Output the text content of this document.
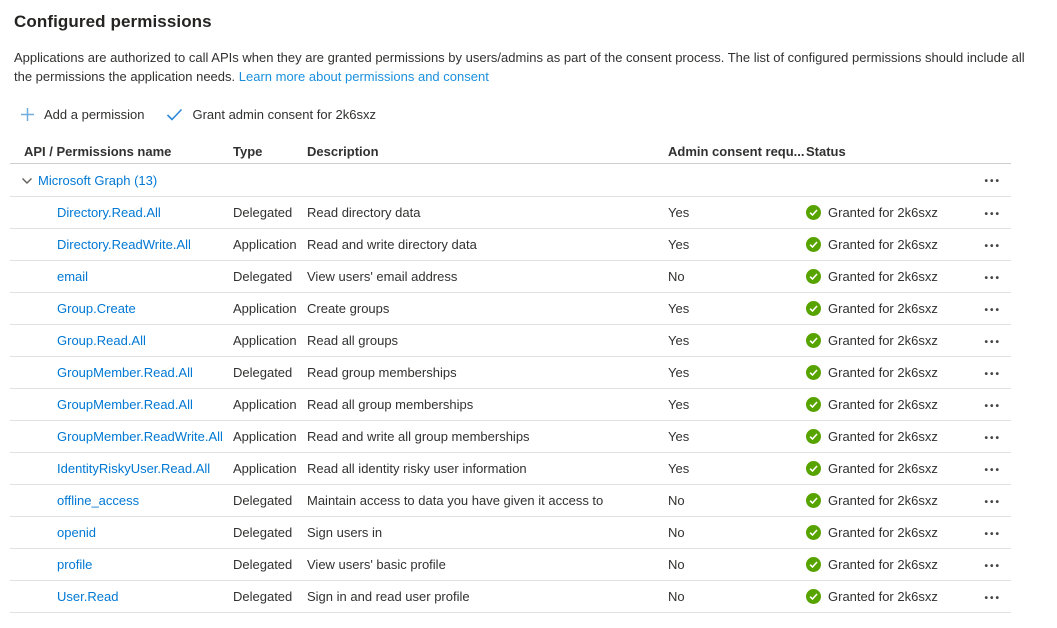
Configured permissions

Applications are authorized to call APIs when they are granted permissions by users/admins as part of the consent process. The list of configured permissions should include all the permissions the application needs. Learn more about permissions and consent

Add a permission	Grant admin consent for 2k6sxz
API / Permissions name	Type	Description	Admin consent requ... Status
Microsoft Graph (13)	•••
Directory.Read.All	Delegated	Read directory data	Yes	Granted for 2k6sxz	•••
Directory.ReadWrite.All	Application Read and write directory data	Yes	Granted for 2k6sxz	•••
email	Delegated	View users' email address	No	Granted for 2k6sxz	•••
Group.Create	Application Create groups	Yes	Granted for 2k6sxz	•••
Group.Read.All	Application Read all groups	Yes	Granted for 2k6sxz	•••
GroupMember.Read.All	Delegated	Read group memberships	Yes	Granted for 2k6sxz	•••
GroupMember.Read.All	Application Read all group memberships	Yes	Granted for 2k6sxz	•••
GroupMember.ReadWrite.All Application Read and write all group memberships	Yes	Granted for 2k6sxz	•••
IdentityRiskyUser.Read.All	Application Read all identity risky user information	Yes	Granted for 2k6sxz	•••
offline_access	Delegated	Maintain access to data you have given it access to	No	Granted for 2k6sxz	•••
openid	Delegated	Sign users in	No	Granted for 2k6sxz	•••
profile	Delegated	View users' basic profile	No	Granted for 2k6sxz	•••
User.Read	Delegated	Sign in and read user profile	No	Granted for 2k6sxz	•••
